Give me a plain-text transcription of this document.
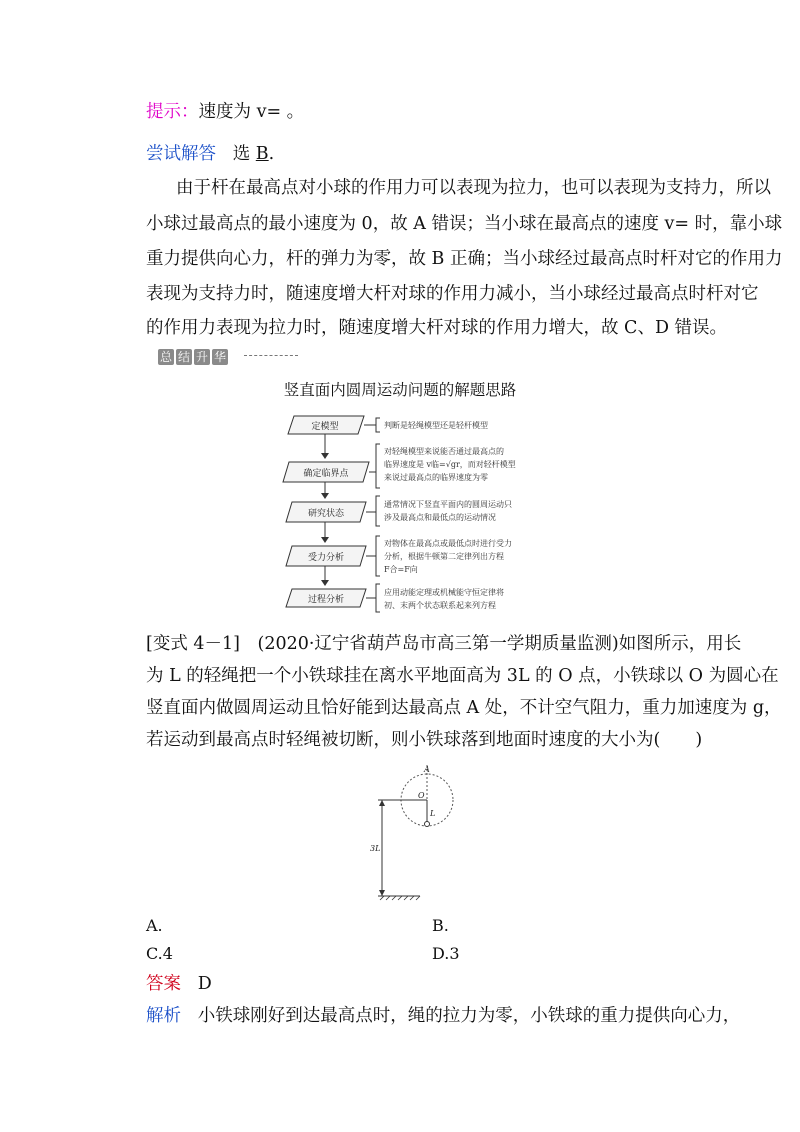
提示：速度为 v= 。
尝试解答 选 B.
由于杆在最高点对小球的作用力可以表现为拉力，也可以表现为支持力，所以
小球过最高点的最小速度为 0，故 A 错误；当小球在最高点的速度 v= 时，靠小球
重力提供向心力，杆的弹力为零，故 B 正确；当小球经过最高点时杆对它的作用力
表现为支持力时，随速度增大杆对球的作用力减小，当小球经过最高点时杆对它
的作用力表现为拉力时，随速度增大杆对球的作用力增大，故 C、D 错误。
总 结 升 华
竖直面内圆周运动问题的解题思路
定模型
确定临界点
研究状态
受力分析
过程分析
判断是轻绳模型还是轻杆模型
对轻绳模型来说能否通过最高点的
临界速度是 v临=√gr，而对轻杆模型
来说过最高点的临界速度为零
通常情况下竖直平面内的圆周运动只
涉及最高点和最低点的运动情况
对物体在最高点或最低点时进行受力
分析，根据牛顿第二定律列出方程
F合=F向
应用动能定理或机械能守恒定律将
初、末两个状态联系起来列方程
[变式 4－1]　(2020·辽宁省葫芦岛市高三第一学期质量监测)如图所示，用长
为 L 的轻绳把一个小铁球挂在离水平地面高为 3L 的 O 点，小铁球以 O 为圆心在
竖直面内做圆周运动且恰好能到达最高点 A 处，不计空气阻力，重力加速度为 g，
若运动到最高点时轻绳被切断，则小铁球落到地面时速度的大小为(　　)
A
O
L
3L
A.	B.
C.4	D.3
答案 D
解析 小铁球刚好到达最高点时，绳的拉力为零，小铁球的重力提供向心力，
